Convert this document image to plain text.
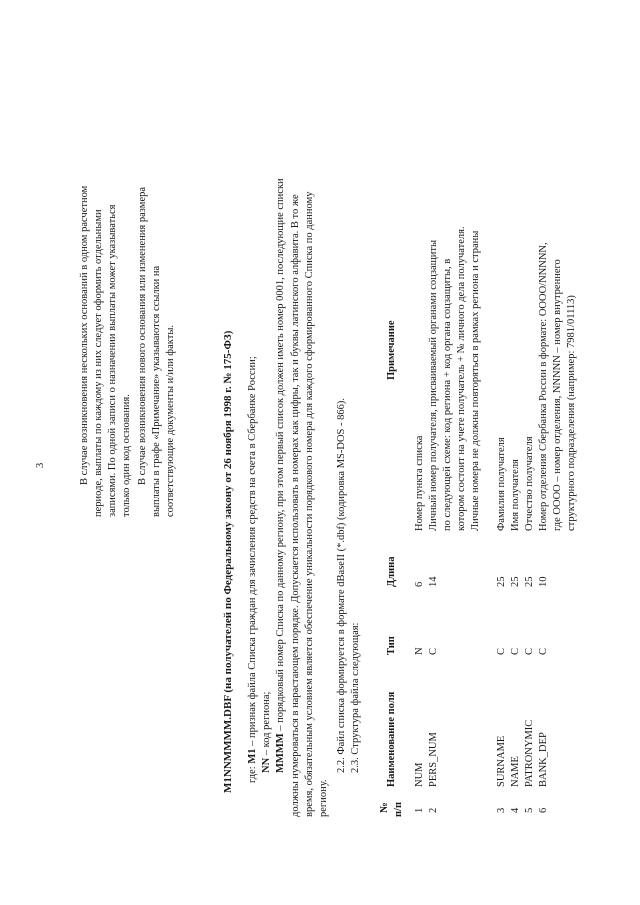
3	В случае возникновения нескольких оснований в одном расчетном периоде, выплаты по каждому из них следует оформить отдельными записями. По одной записи о назначении выплаты может указываться только один код основания. В случае возникновения нового основания или изменения размера выплаты в графе «Примечание» указываются ссылки на соответствующие документы и/или факты.	M1NNMMMM.DBF (на получателей по Федеральному закону от 26 ноября 1998 г. № 175-ФЗ) где: M1 – признак файла Списка граждан для зачисления средств на счета в Сбербанке России;
NN – код региона; MMMM – порядковый номер Списка по данному региону, при этом первый список должен иметь номер 0001, последующие списки должны нумероваться в нарастающем порядке. Допускается использовать в номерах как цифры, так и буквы латинского алфавита. В то же время, обязательным условием является обеспечение уникальности порядкового номера для каждого сформированного Списка по данному региону.
2.2. Файл списка формируется в формате dBaseII (*.dbf) (кодировка MS-DOS - 866). 2.3. Структура файла следующая:
№ п/п
Наименование поля
Тип
Длина
Примечание
1
NUM
N
6
Номер пункта списка
2
PERS_NUM
C
14
Личный номер получателя, присваиваемый органами соцзащиты по следующей схеме: код региона + код органа соцзащиты, в котором состоит на учете получатель + № личного дела получателя. Личные номера не должны повторяться в рамках региона и страны
3
SURNAME
C
25
Фамилия получателя
4
NAME
C
25
Имя получателя
5
PATRONYMIC
C
25
Отчество получателя
6
BANK_DEP
C
10
Номер отделения Сбербанка России в формате: OOOO/NNNNN, где OOOO – номер отделения, NNNNN – номер внутреннего структурного подразделения (например: 7981/01113)
